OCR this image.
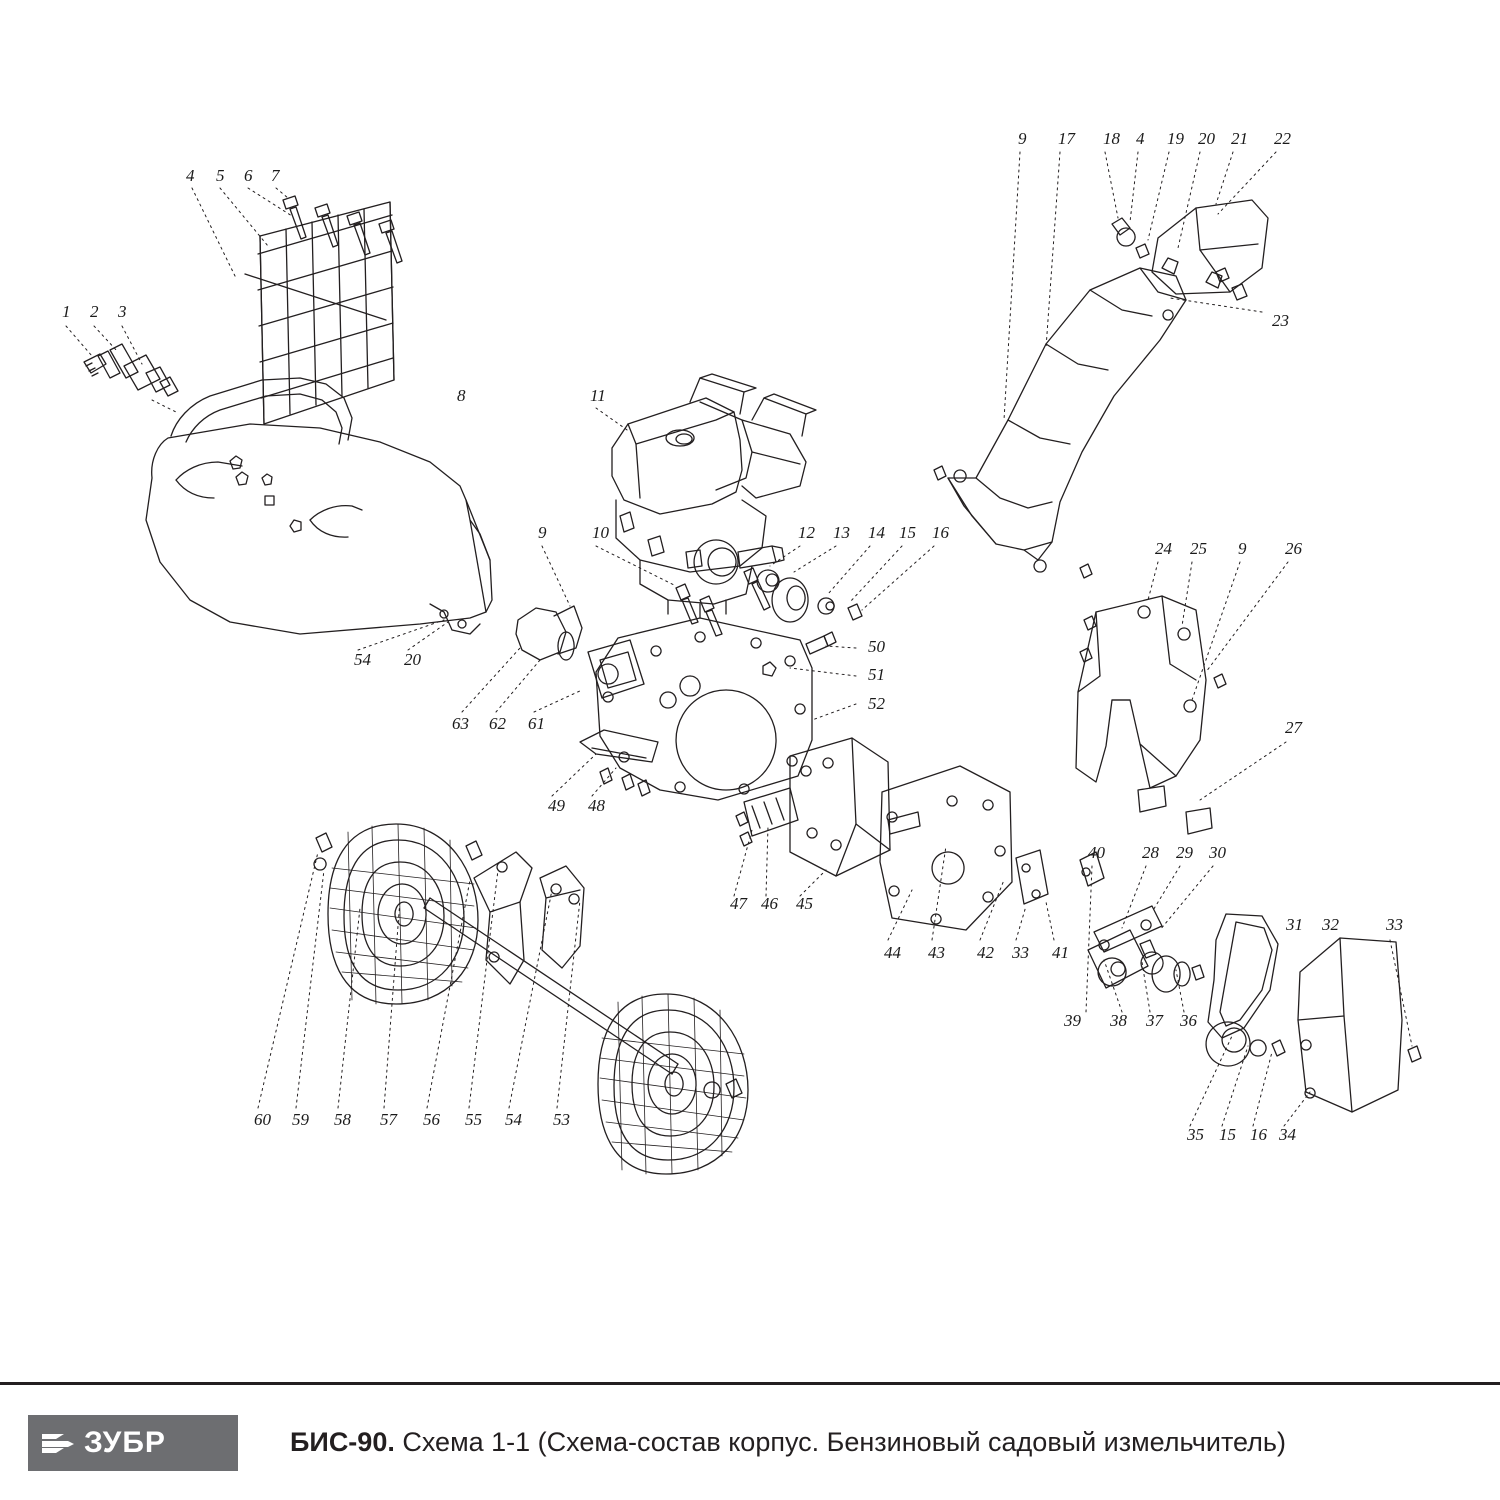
1 2 3
4 5 6 7
8
9 17 18 4 19 20 21 22
23
11
9	10	12 13 14 15 16
50
51
52
54 20
63 62 61
49 48
24 25 9 26
27
47 46 45
44 43 42 33 41
40 28 29 30
39 38 37 36
31 32	33
35 15 16 34
60 59 58 57 56 55 54 53
ЗУБР	БИС-90. Схема 1-1 (Схема-состав корпус. Бензиновый садовый измельчитель)
